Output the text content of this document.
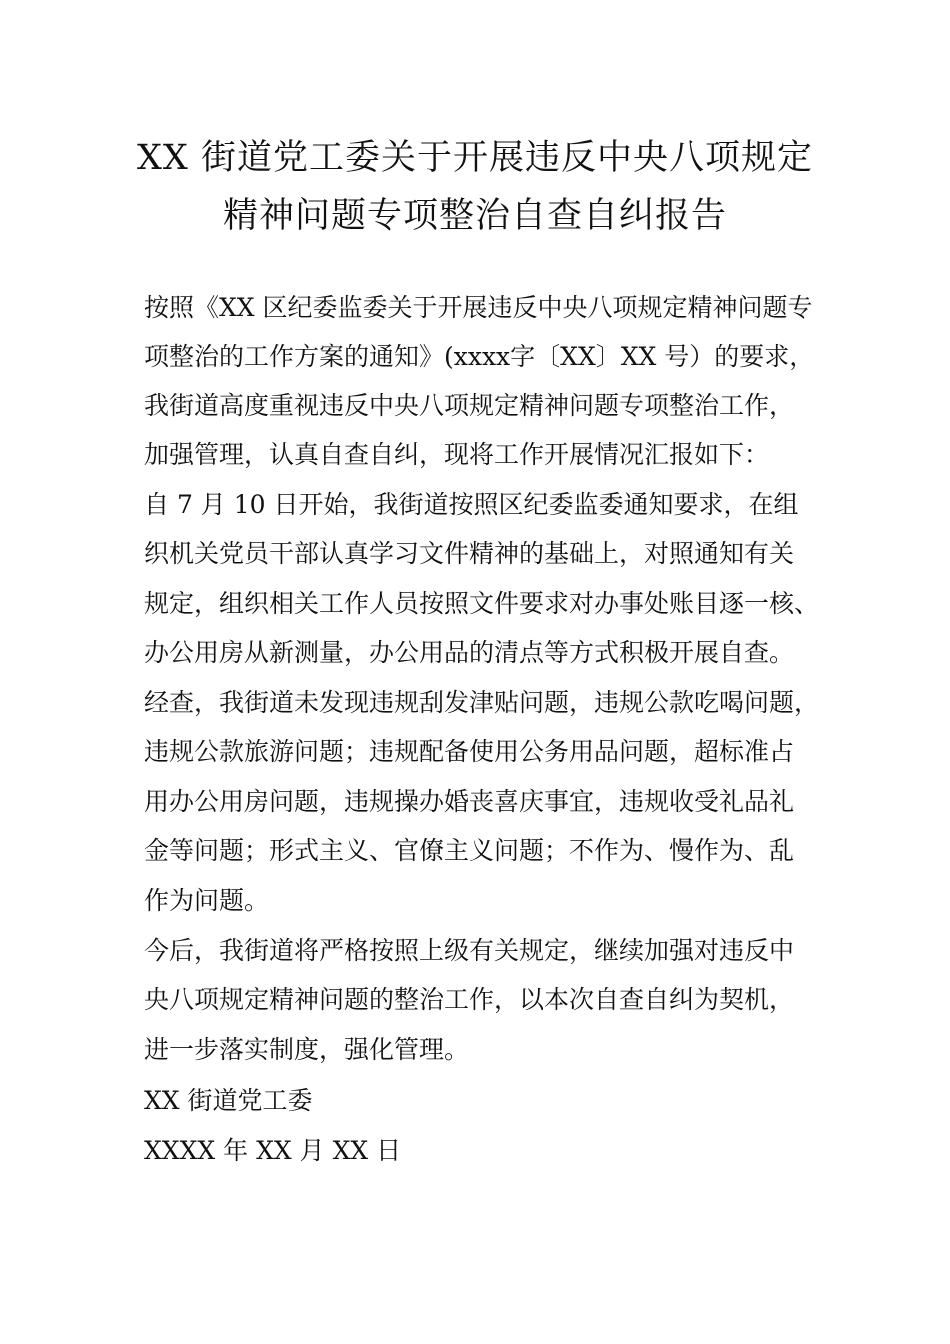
XX 街道党工委关于开展违反中央八项规定
精神问题专项整治自查自纠报告

按照《XX 区纪委监委关于开展违反中央八项规定精神问题专

项整治的工作方案的通知》(xxxx字〔XX〕XX 号）的要求，

我街道高度重视违反中央八项规定精神问题专项整治工作，

加强管理，认真自查自纠，现将工作开展情况汇报如下：

自 7 月 10 日开始，我街道按照区纪委监委通知要求，在组

织机关党员干部认真学习文件精神的基础上，对照通知有关

规定，组织相关工作人员按照文件要求对办事处账目逐一核、

办公用房从新测量，办公用品的清点等方式积极开展自查。

经查，我街道未发现违规刮发津贴问题，违规公款吃喝问题，

违规公款旅游问题；违规配备使用公务用品问题，超标准占

用办公用房问题，违规操办婚丧喜庆事宜，违规收受礼品礼

金等问题；形式主义、官僚主义问题；不作为、慢作为、乱

作为问题。

今后，我街道将严格按照上级有关规定，继续加强对违反中

央八项规定精神问题的整治工作，以本次自查自纠为契机，

进一步落实制度，强化管理。

XX 街道党工委

XXXX 年 XX 月 XX 日
